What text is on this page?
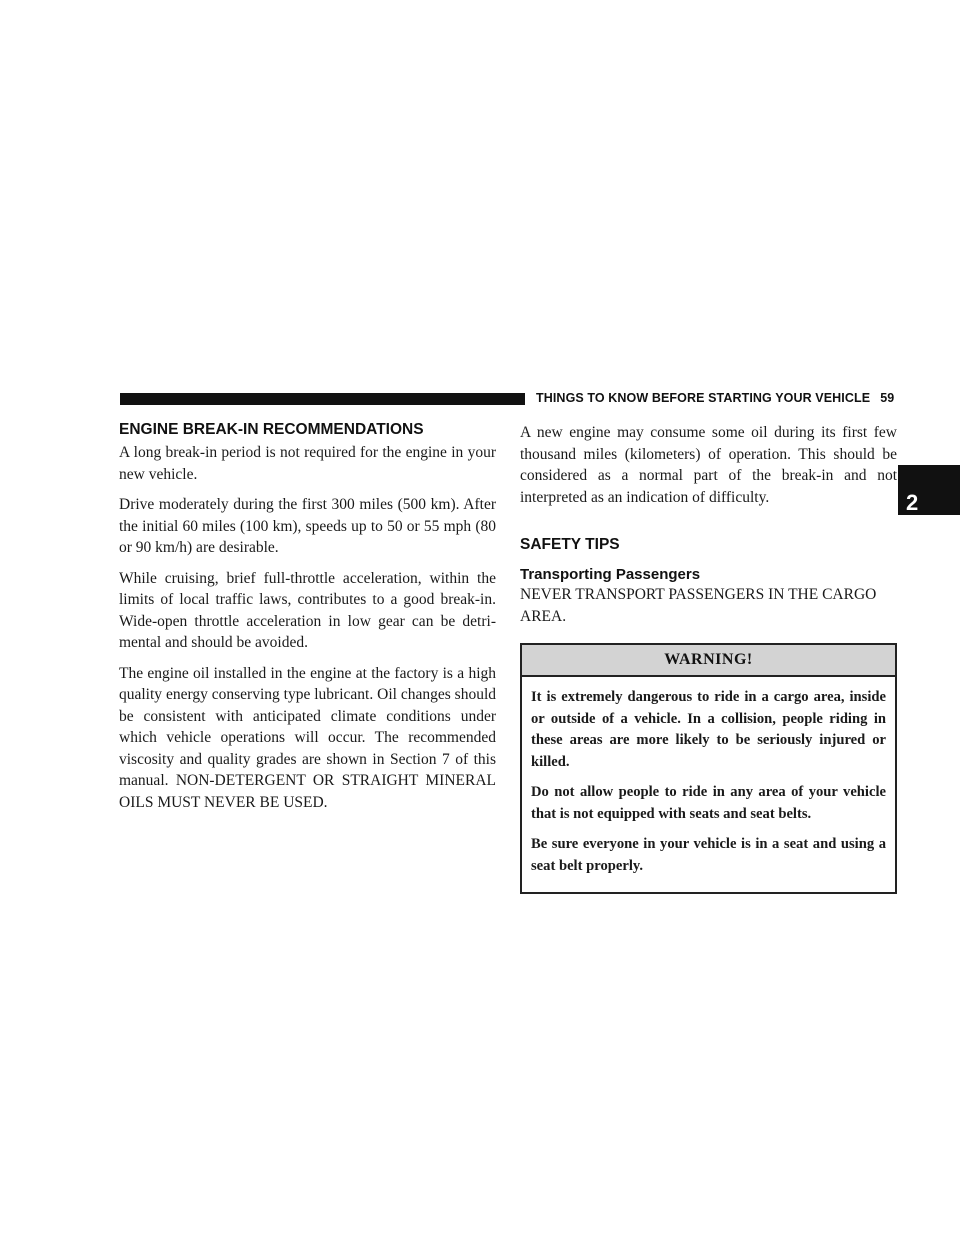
THINGS TO KNOW BEFORE STARTING YOUR VEHICLE 59
2
ENGINE BREAK-IN RECOMMENDATIONS

A long break-in period is not required for the engine in your new vehicle.

Drive moderately during the first 300 miles (500 km). After the initial 60 miles (100 km), speeds up to 50 or 55 mph (80 or 90 km/h) are desirable.

While cruising, brief full-throttle acceleration, within the limits of local traffic laws, contributes to a good break-in. Wide-open throttle acceleration in low gear can be detri-mental and should be avoided.

The engine oil installed in the engine at the factory is a high quality energy conserving type lubricant. Oil changes should be consistent with anticipated climate conditions under which vehicle operations will occur. The recommended viscosity and quality grades are shown in Section 7 of this manual. NON-DETERGENT OR STRAIGHT MINERAL OILS MUST NEVER BE USED.

A new engine may consume some oil during its first few thousand miles (kilometers) of operation. This should be considered as a normal part of the break-in and not interpreted as an indication of difficulty.

SAFETY TIPS
Transporting Passengers

NEVER TRANSPORT PASSENGERS IN THE CARGO AREA.

WARNING!

It is extremely dangerous to ride in a cargo area, inside or outside of a vehicle. In a collision, people riding in these areas are more likely to be seriously injured or killed.

Do not allow people to ride in any area of your vehicle that is not equipped with seats and seat belts.

Be sure everyone in your vehicle is in a seat and using a seat belt properly.
